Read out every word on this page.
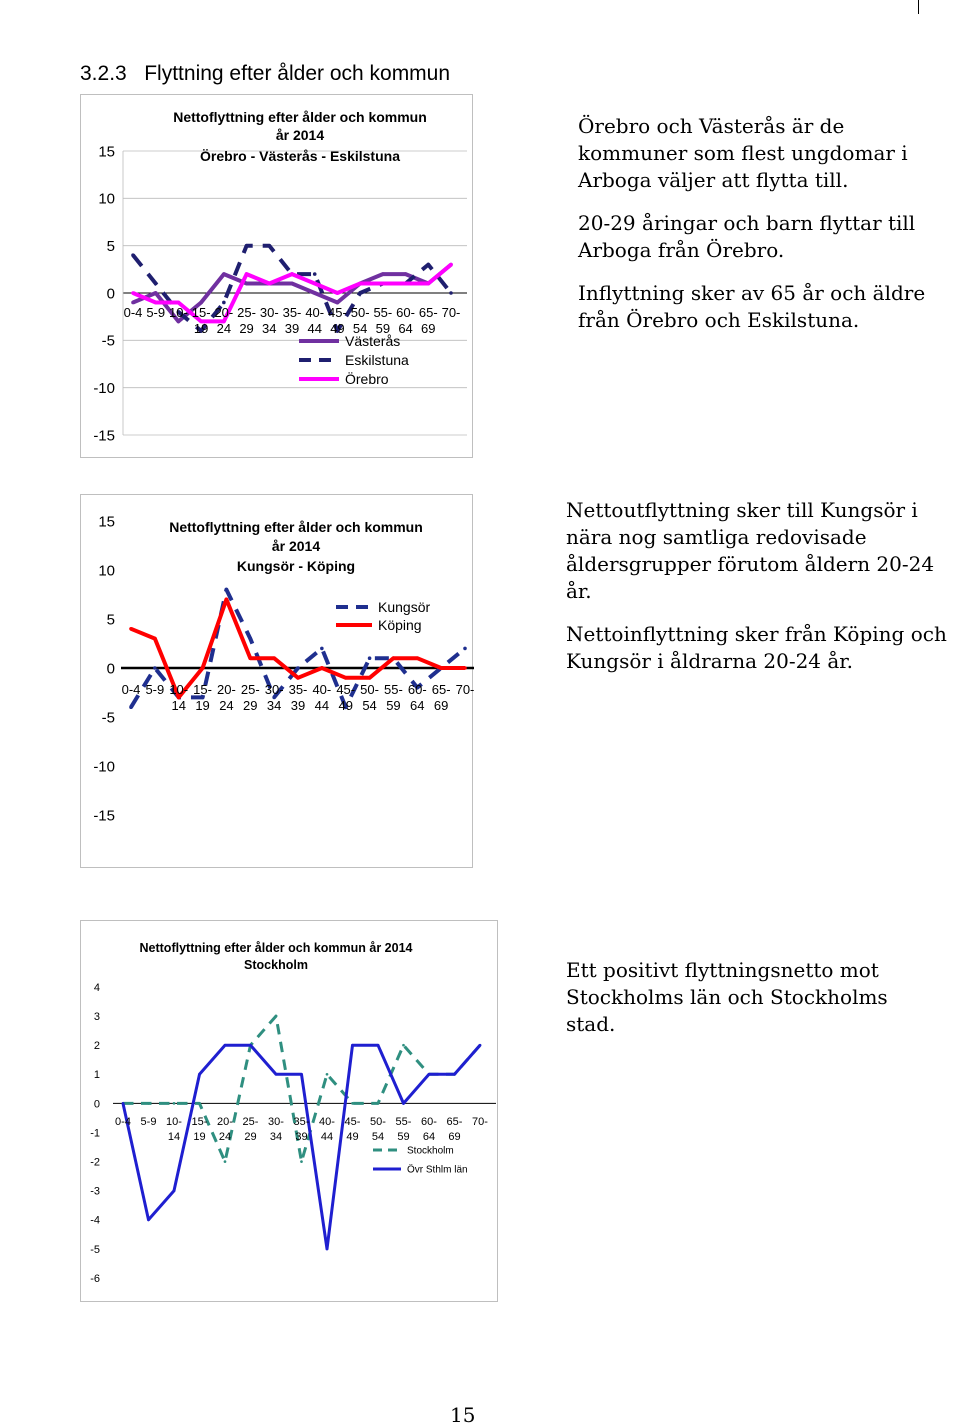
3.2.3 Flyttning efter ålder och kommun
15
10
5
0
-5
-10
-15
0-4 5-9 10- 15- 20- 25- 30- 35- 40- 45- 50- 55- 60- 65- 70-
19 24 29 34 39 44 49 54 59 64 69
Nettoflyttning efter ålder och kommun
år 2014
Örebro - Västerås - Eskilstuna
Västerås
Eskilstuna
Örebro
15
10
5
0
-5
-10
-15
0-4 5-9 10- 15- 20- 25- 30- 35- 40- 45- 50- 55- 60- 65- 70-
14 19 24 29 34 39 44 49 54 59 64 69
Nettoflyttning efter ålder och kommun
år 2014
Kungsör - Köping
Kungsör
Köping
4
3
2
1
0
-1
-2
-3
-4
-5
-6
0-4 5-9 10- 15- 20- 25- 30- 35- 40- 45- 50- 55- 60- 65- 70-
14 19 24 29 34 39 44 49 54 59 64 69
Nettoflyttning efter ålder och kommun år 2014
Stockholm
Stockholm
Övr Sthlm län

Örebro och Västerås är de kommuner som flest ungdomar i Arboga väljer att flytta till.

20-29 åringar och barn flyttar till Arboga från Örebro.

Inflyttning sker av 65 år och äldre från Örebro och Eskilstuna.

Nettoutflyttning sker till Kungsör i nära nog samtliga redovisade åldersgrupper förutom åldern 20-24 år.

Nettoinflyttning sker från Köping och Kungsör i åldrarna 20-24 år.

Ett positivt flyttningsnetto mot Stockholms län och Stockholms stad.

15
